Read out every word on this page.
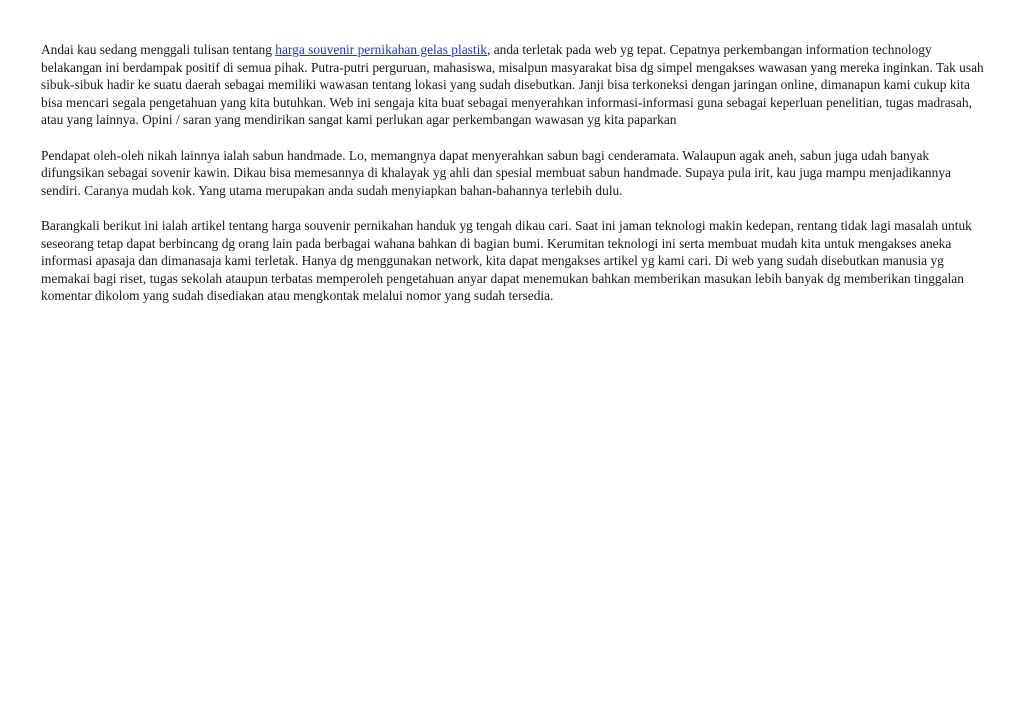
Andai kau sedang menggali tulisan tentang harga souvenir pernikahan gelas plastik, anda terletak pada web yg tepat. Cepatnya perkembangan information technology belakangan ini berdampak positif di semua pihak. Putra-putri perguruan, mahasiswa, misalpun masyarakat bisa dg simpel mengakses wawasan yang mereka inginkan. Tak usah sibuk-sibuk hadir ke suatu daerah sebagai memiliki wawasan tentang lokasi yang sudah disebutkan. Janji bisa terkoneksi dengan jaringan online, dimanapun kami cukup kita bisa mencari segala pengetahuan yang kita butuhkan. Web ini sengaja kita buat sebagai menyerahkan informasi-informasi guna sebagai keperluan penelitian, tugas madrasah, atau yang lainnya. Opini / saran yang mendirikan sangat kami perlukan agar perkembangan wawasan yg kita paparkan

Pendapat oleh-oleh nikah lainnya ialah sabun handmade. Lo, memangnya dapat menyerahkan sabun bagi cenderamata. Walaupun agak aneh, sabun juga udah banyak difungsikan sebagai sovenir kawin. Dikau bisa memesannya di khalayak yg ahli dan spesial membuat sabun handmade. Supaya pula irit, kau juga mampu menjadikannya sendiri. Caranya mudah kok. Yang utama merupakan anda sudah menyiapkan bahan-bahannya terlebih dulu.

Barangkali berikut ini ialah artikel tentang harga souvenir pernikahan handuk yg tengah dikau cari. Saat ini jaman teknologi makin kedepan, rentang tidak lagi masalah untuk seseorang tetap dapat berbincang dg orang lain pada berbagai wahana bahkan di bagian bumi. Kerumitan teknologi ini serta membuat mudah kita untuk mengakses aneka informasi apasaja dan dimanasaja kami terletak. Hanya dg menggunakan network, kita dapat mengakses artikel yg kami cari. Di web yang sudah disebutkan manusia yg memakai bagi riset, tugas sekolah ataupun terbatas memperoleh pengetahuan anyar dapat menemukan bahkan memberikan masukan lebih banyak dg memberikan tinggalan komentar dikolom yang sudah disediakan atau mengkontak melalui nomor yang sudah tersedia.
